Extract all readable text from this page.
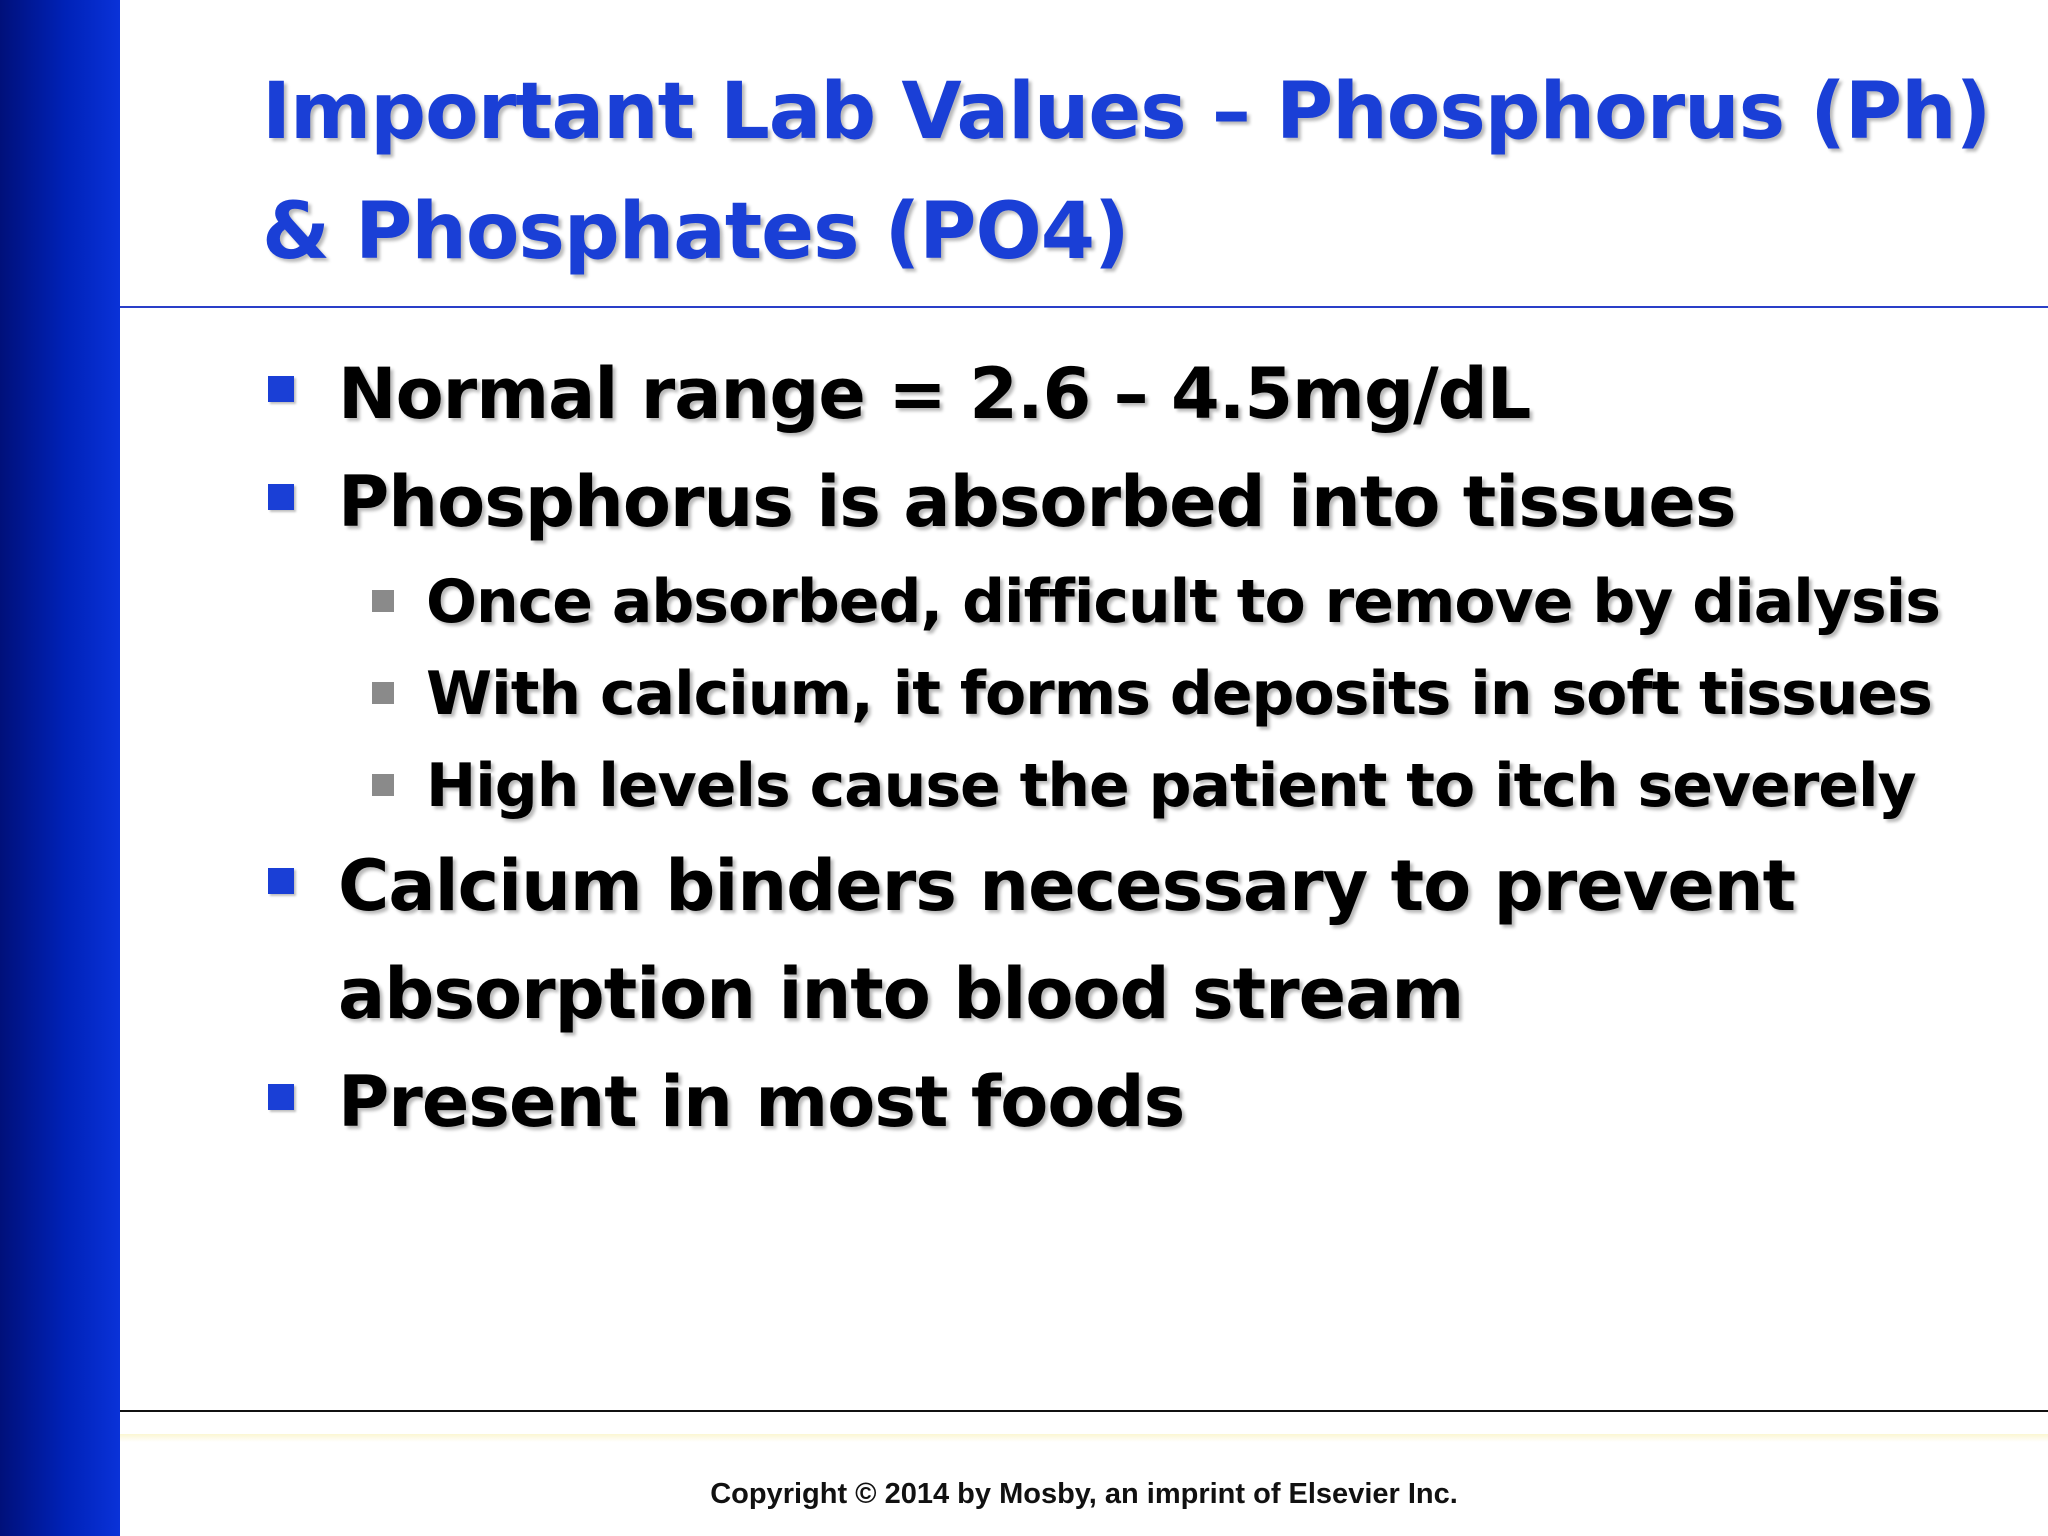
Important Lab Values – Phosphorus (Ph) & Phosphates (PO4)
Normal range = 2.6 – 4.5mg/dL
Phosphorus is absorbed into tissues
Once absorbed, difficult to remove by dialysis
With calcium, it forms deposits in soft tissues
High levels cause the patient to itch severely
Calcium binders necessary to prevent absorption into blood stream
Present in most foods
Copyright © 2014 by Mosby, an imprint of Elsevier Inc.
